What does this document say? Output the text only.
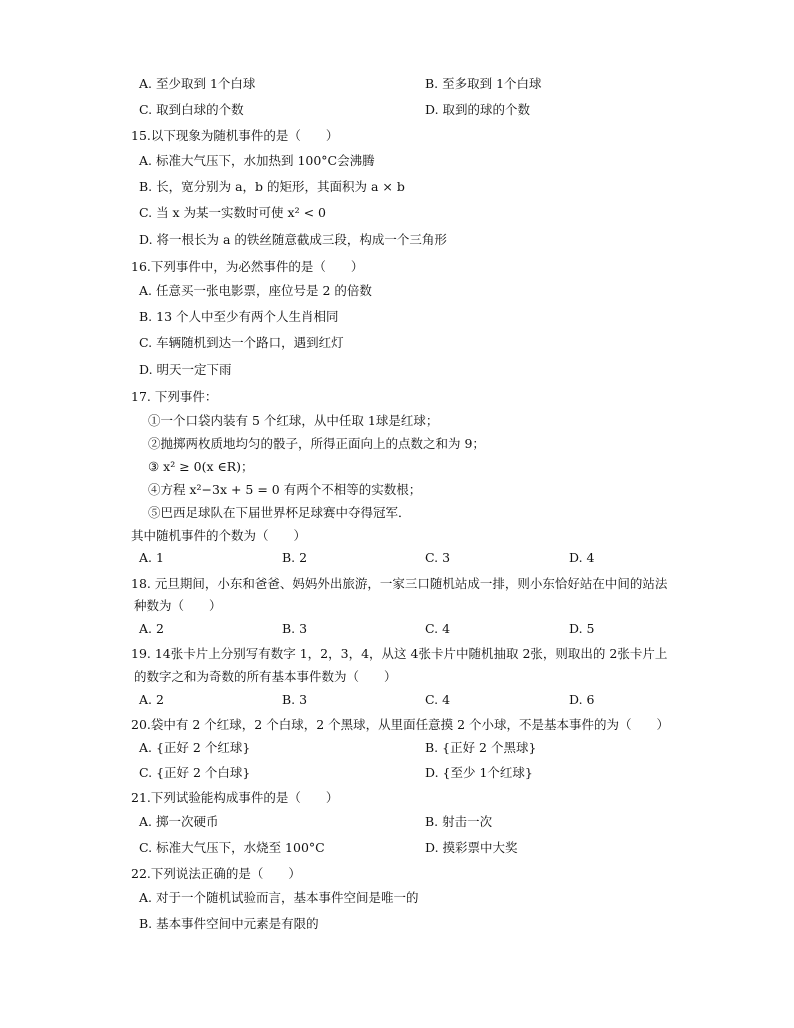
A. 至少取到 1个白球	B. 至多取到 1个白球
C. 取到白球的个数	D. 取到的球的个数
15.以下现象为随机事件的是（　　）
A. 标准大气压下，水加热到 100°C会沸腾
B. 长，宽分别为 a，b 的矩形，其面积为 a × b
C. 当 x 为某一实数时可使 x² < 0
D. 将一根长为 a 的铁丝随意截成三段，构成一个三角形
16.下列事件中，为必然事件的是（　　）
A. 任意买一张电影票，座位号是 2 的倍数
B. 13 个人中至少有两个人生肖相同
C. 车辆随机到达一个路口，遇到红灯
D. 明天一定下雨
17. 下列事件：
①一个口袋内装有 5 个红球，从中任取 1球是红球；
②抛掷两枚质地均匀的骰子，所得正面向上的点数之和为 9；
③ x² ≥ 0(x ∈R)；
④方程 x²−3x + 5 = 0 有两个不相等的实数根；
⑤巴西足球队在下届世界杯足球赛中夺得冠军．
其中随机事件的个数为（　　）
A. 1	B. 2	C. 3	D. 4
18. 元旦期间，小东和爸爸、妈妈外出旅游，一家三口随机站成一排，则小东恰好站在中间的站法
种数为（　　）
A. 2	B. 3	C. 4	D. 5
19. 14张卡片上分别写有数字 1，2，3，4，从这 4张卡片中随机抽取 2张，则取出的 2张卡片上
的数字之和为奇数的所有基本事件数为（　　）
A. 2	B. 3	C. 4	D. 6
20.袋中有 2 个红球，2 个白球，2 个黑球，从里面任意摸 2 个小球，不是基本事件的为（　　）
A. {正好 2 个红球}	B. {正好 2 个黑球}
C. {正好 2 个白球}	D. {至少 1个红球}
21.下列试验能构成事件的是（　　）
A. 掷一次硬币	B. 射击一次
C. 标准大气压下，水烧至 100°C	D. 摸彩票中大奖
22.下列说法正确的是（　　）
A. 对于一个随机试验而言，基本事件空间是唯一的
B. 基本事件空间中元素是有限的
